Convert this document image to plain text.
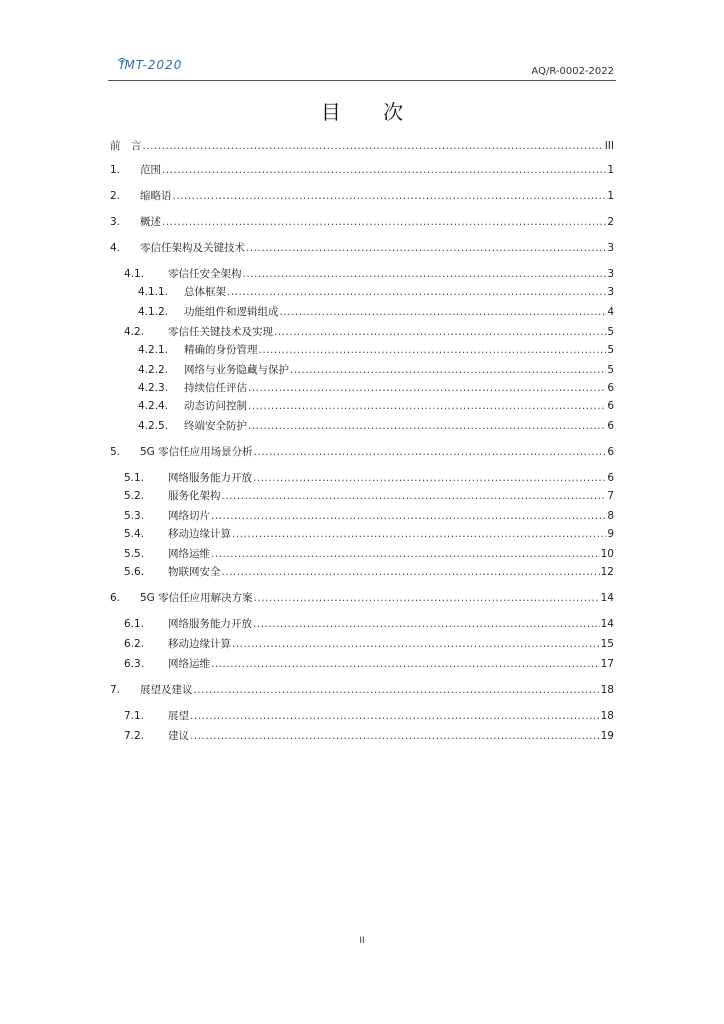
IMT-2020	AQ/R-0002-2022
目 次
前　言 .....	III
1.	范围 .....	1
2.	缩略语 .....	1
3.	概述 .....	2
4.	零信任架构及关键技术 .....	3
4.1.	零信任安全架构 .....	3
4.1.1.	总体框架 .....	3
4.1.2.	功能组件和逻辑组成 .....	4
4.2.	零信任关键技术及实现 .....	5
4.2.1.	精确的身份管理 .....	5
4.2.2.	网络与业务隐藏与保护 .....	5
4.2.3.	持续信任评估 .....	6
4.2.4.	动态访问控制 .....	6
4.2.5.	终端安全防护 .....	6
5.	5G 零信任应用场景分析 .....	6
5.1.	网络服务能力开放 .....	6
5.2.	服务化架构 .....	7
5.3.	网络切片 .....	8
5.4.	移动边缘计算 .....	9
5.5.	网络运维 .....	10
5.6.	物联网安全 .....	12
6.	5G 零信任应用解决方案 .....	14
6.1.	网络服务能力开放 .....	14
6.2.	移动边缘计算 .....	15
6.3.	网络运维 .....	17
7.	展望及建议 .....	18
7.1.	展望 .....	18
7.2.	建议 .....	19
II
